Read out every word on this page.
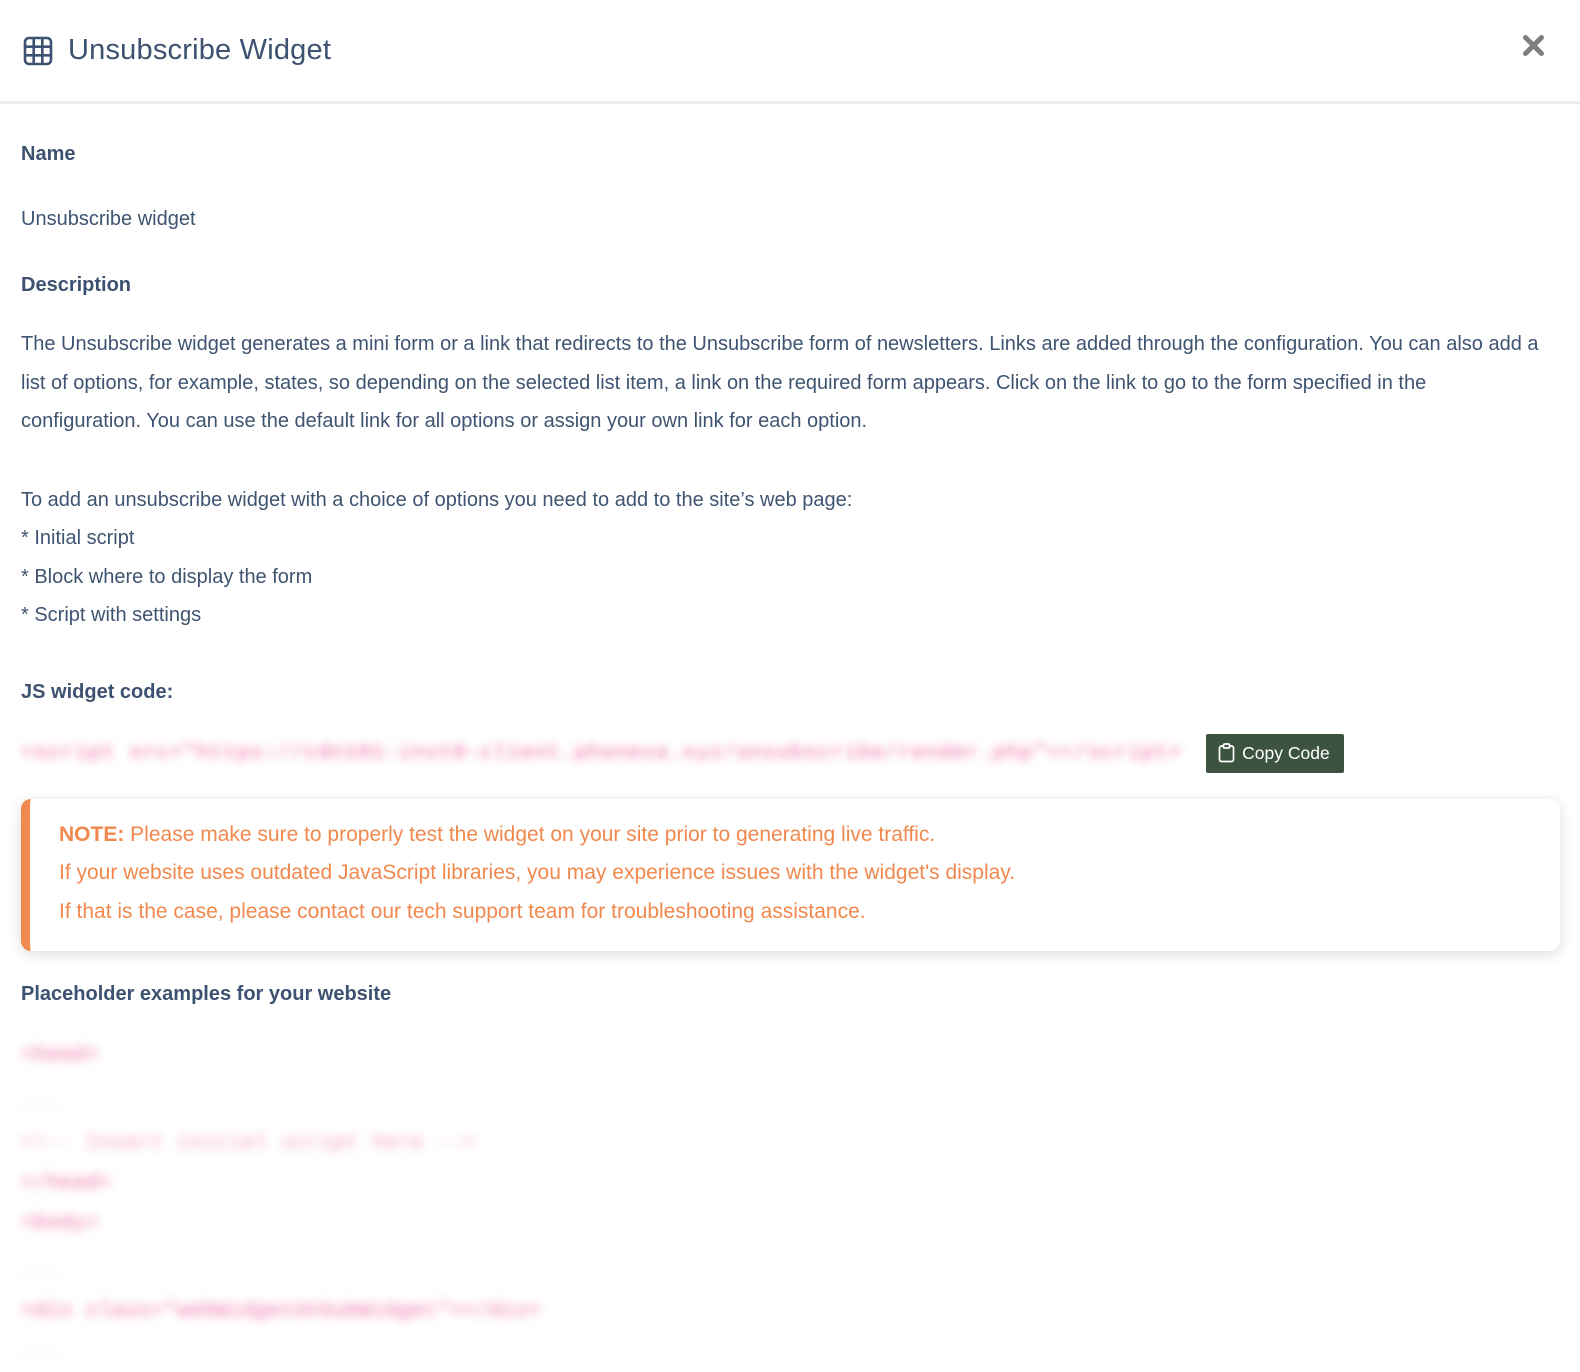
Unsubscribe Widget
Name
Unsubscribe widget
Description

The Unsubscribe widget generates a mini form or a link that redirects to the Unsubscribe form of newsletters. Links are added through the configuration. You can also add a list of options, for example, states, so depending on the selected list item, a link on the required form appears. Click on the link to go to the form specified in the configuration. You can use the default link for all options or assign your own link for each option.

To add an unsubscribe widget with a choice of options you need to add to the site’s web page:
* Initial script
* Block where to display the form
* Script with settings
JS widget code:
<script src="https://cdn101-inst0-client.phonexa.xyz/unsubscribe/render.php"></script>	Copy Code
NOTE: Please make sure to properly test the widget on your site prior to generating live traffic.
If your website uses outdated JavaScript libraries, you may experience issues with the widget's display.
If that is the case, please contact our tech support team for troubleshooting assistance.
Placeholder examples for your website
<head>
...
<!-- Insert initial script here -->
</head>
<body>
...
<div class="webWidgetUnSubWidget"></div>
...
